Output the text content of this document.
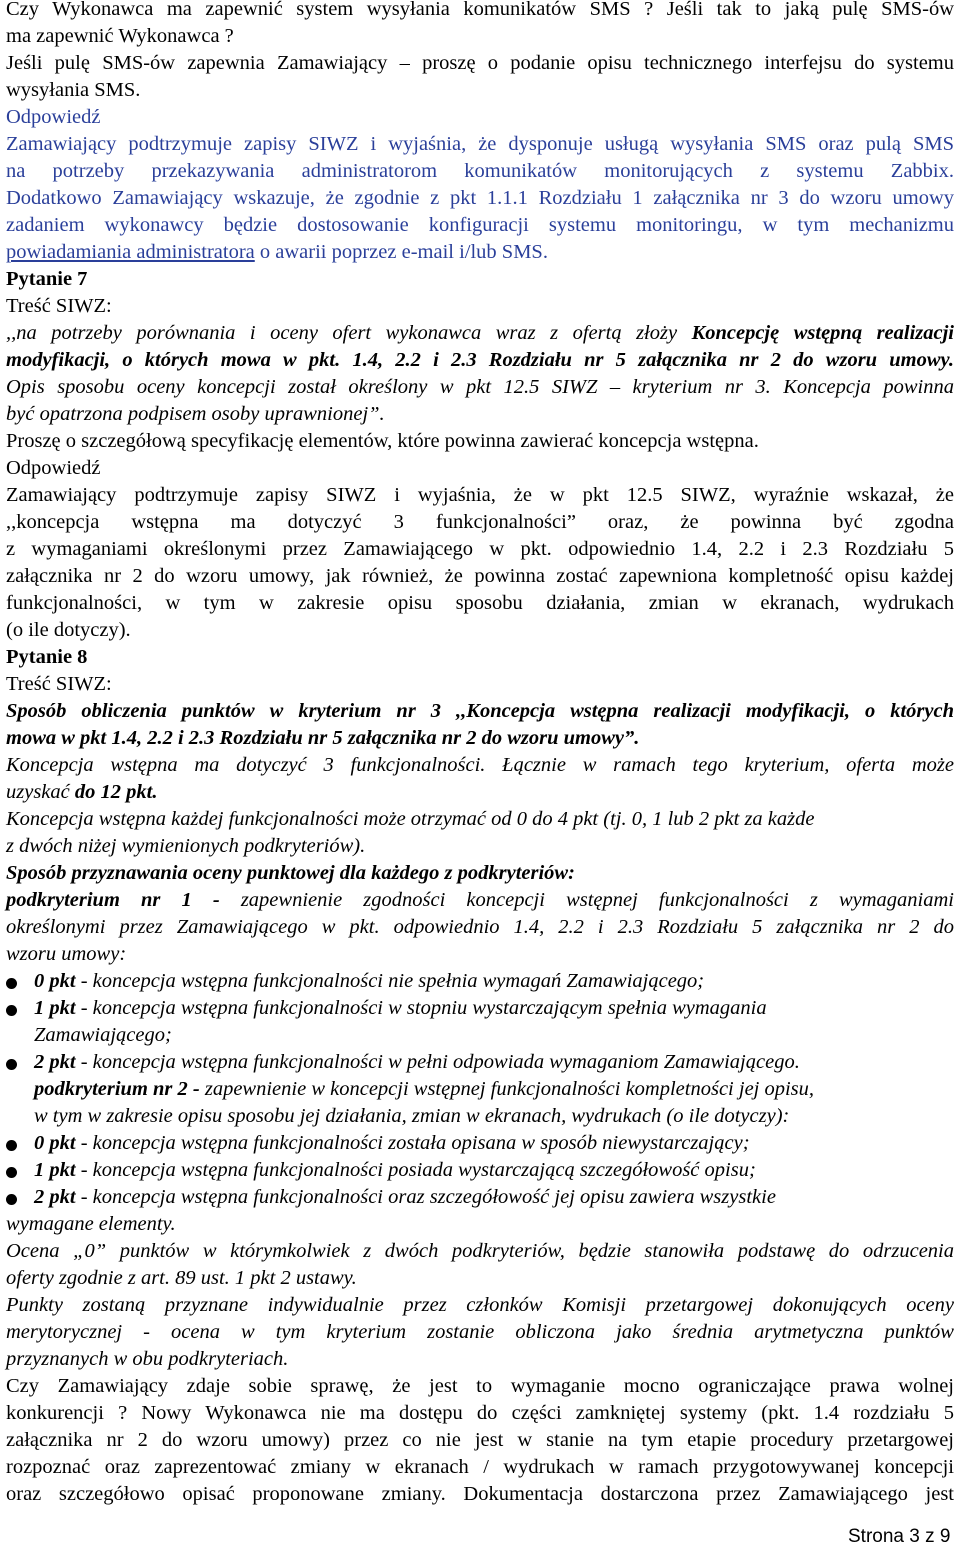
Czy Wykonawca ma zapewnić system wysyłania komunikatów SMS ? Jeśli tak to jaką pulę SMS-ów
ma zapewnić Wykonawca ?
Jeśli pulę SMS-ów zapewnia Zamawiający – proszę o podanie opisu technicznego interfejsu do systemu
wysyłania SMS.
Odpowiedź
Zamawiający podtrzymuje zapisy SIWZ i wyjaśnia, że dysponuje usługą wysyłania SMS oraz pulą SMS
na potrzeby przekazywania administratorom komunikatów monitorujących z systemu Zabbix.
Dodatkowo Zamawiający wskazuje, że zgodnie z pkt 1.1.1 Rozdziału 1 załącznika nr 3 do wzoru umowy
zadaniem wykonawcy będzie dostosowanie konfiguracji systemu monitoringu, w tym mechanizmu
powiadamiania administratora o awarii poprzez e-mail i/lub SMS.
Pytanie 7
Treść SIWZ:
,,na potrzeby porównania i oceny ofert wykonawca wraz z ofertą złoży Koncepcję wstępną realizacji
modyfikacji, o których mowa w pkt. 1.4, 2.2 i 2.3 Rozdziału nr 5 załącznika nr 2 do wzoru umowy.
Opis sposobu oceny koncepcji został określony w pkt 12.5 SIWZ – kryterium nr 3. Koncepcja powinna
być opatrzona podpisem osoby uprawnionej”.
Proszę o szczegółową specyfikację elementów, które powinna zawierać koncepcja wstępna.
Odpowiedź
Zamawiający podtrzymuje zapisy SIWZ i wyjaśnia, że w pkt 12.5 SIWZ, wyraźnie wskazał, że
,,koncepcja wstępna ma dotyczyć 3 funkcjonalności” oraz, że powinna być zgodna
z wymaganiami określonymi przez Zamawiającego w pkt. odpowiednio 1.4, 2.2 i 2.3 Rozdziału 5
załącznika nr 2 do wzoru umowy, jak również, że powinna zostać zapewniona kompletność opisu każdej
funkcjonalności, w tym w zakresie opisu sposobu działania, zmian w ekranach, wydrukach
(o ile dotyczy).
Pytanie 8
Treść SIWZ:
Sposób obliczenia punktów w kryterium nr 3 ,,Koncepcja wstępna realizacji modyfikacji, o których
mowa w pkt 1.4, 2.2 i 2.3 Rozdziału nr 5 załącznika nr 2 do wzoru umowy”.
Koncepcja wstępna ma dotyczyć 3 funkcjonalności. Łącznie w ramach tego kryterium, oferta może
uzyskać do 12 pkt.
Koncepcja wstępna każdej funkcjonalności może otrzymać od 0 do 4 pkt (tj. 0, 1 lub 2 pkt za każde
z dwóch niżej wymienionych podkryteriów).
Sposób przyznawania oceny punktowej dla każdego z podkryteriów:
podkryterium nr 1 - zapewnienie zgodności koncepcji wstępnej funkcjonalności z wymaganiami
określonymi przez Zamawiającego w pkt. odpowiednio 1.4, 2.2 i 2.3 Rozdziału 5 załącznika nr 2 do
wzoru umowy:
0 pkt - koncepcja wstępna funkcjonalności nie spełnia wymagań Zamawiającego;
1 pkt - koncepcja wstępna funkcjonalności w stopniu wystarczającym spełnia wymagania
Zamawiającego;
2 pkt - koncepcja wstępna funkcjonalności w pełni odpowiada wymaganiom Zamawiającego.
podkryterium nr 2 - zapewnienie w koncepcji wstępnej funkcjonalności kompletności jej opisu,
w tym w zakresie opisu sposobu jej działania, zmian w ekranach, wydrukach (o ile dotyczy):
0 pkt - koncepcja wstępna funkcjonalności została opisana w sposób niewystarczający;
1 pkt - koncepcja wstępna funkcjonalności posiada wystarczającą szczegółowość opisu;
2 pkt - koncepcja wstępna funkcjonalności oraz szczegółowość jej opisu zawiera wszystkie
wymagane elementy.
Ocena „0” punktów w którymkolwiek z dwóch podkryteriów, będzie stanowiła podstawę do odrzucenia
oferty zgodnie z art. 89 ust. 1 pkt 2 ustawy.
Punkty zostaną przyznane indywidualnie przez członków Komisji przetargowej dokonujących oceny
merytorycznej - ocena w tym kryterium zostanie obliczona jako średnia arytmetyczna punktów
przyznanych w obu podkryteriach.
Czy Zamawiający zdaje sobie sprawę, że jest to wymaganie mocno ograniczające prawa wolnej
konkurencji ? Nowy Wykonawca nie ma dostępu do części zamkniętej systemy (pkt. 1.4 rozdziału 5
załącznika nr 2 do wzoru umowy) przez co nie jest w stanie na tym etapie procedury przetargowej
rozpoznać oraz zaprezentować zmiany w ekranach / wydrukach w ramach przygotowywanej koncepcji
oraz szczegółowo opisać proponowane zmiany. Dokumentacja dostarczona przez Zamawiającego jest
Strona 3 z 9
